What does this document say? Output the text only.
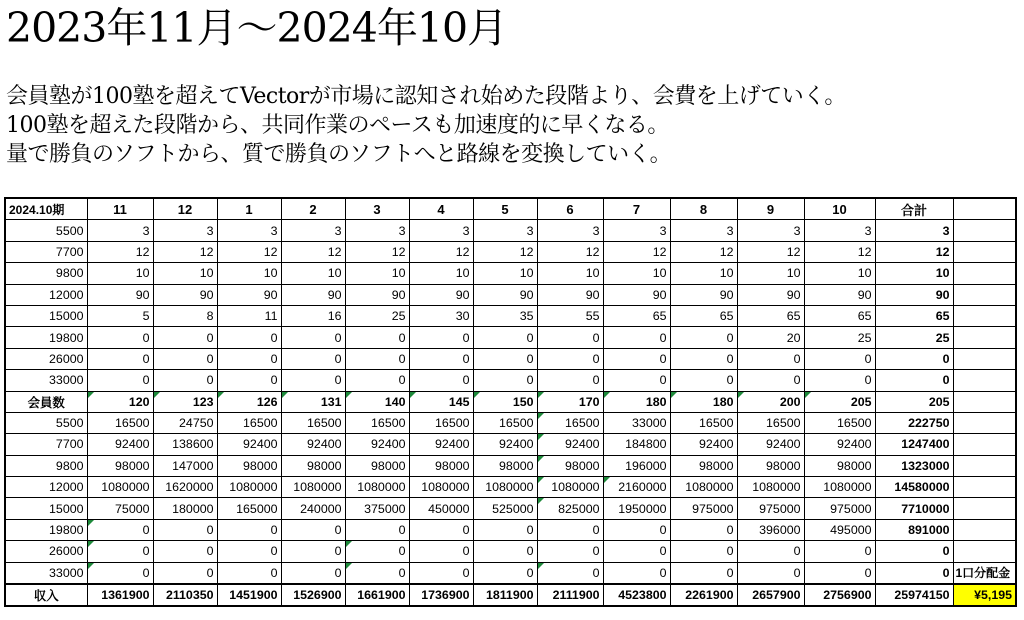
2023年11月～2024年10月
会員塾が100塾を超えてVectorが市場に認知され始めた段階より、会費を上げていく。
100塾を超えた段階から、共同作業のペースも加速度的に早くなる。
量で勝負のソフトから、質で勝負のソフトへと路線を変換していく。
2024.10期	11	12	1	2	3	4	5	6	7	8	9	10	合計	
5500	3	3	3	3	3	3	3	3	3	3	3	3	3	
7700	12	12	12	12	12	12	12	12	12	12	12	12	12	
9800	10	10	10	10	10	10	10	10	10	10	10	10	10	
12000	90	90	90	90	90	90	90	90	90	90	90	90	90	
15000	5	8	11	16	25	30	35	55	65	65	65	65	65	
19800	0	0	0	0	0	0	0	0	0	0	20	25	25	
26000	0	0	0	0	0	0	0	0	0	0	0	0	0	
33000	0	0	0	0	0	0	0	0	0	0	0	0	0	
会員数	120	123	126	131	140	145	150	170	180	180	200	205	205	
5500	16500	24750	16500	16500	16500	16500	16500	16500	33000	16500	16500	16500	222750	
7700	92400	138600	92400	92400	92400	92400	92400	92400	184800	92400	92400	92400	1247400	
9800	98000	147000	98000	98000	98000	98000	98000	98000	196000	98000	98000	98000	1323000	
12000	1080000	1620000	1080000	1080000	1080000	1080000	1080000	1080000	2160000	1080000	1080000	1080000	14580000	
15000	75000	180000	165000	240000	375000	450000	525000	825000	1950000	975000	975000	975000	7710000	
19800	0	0	0	0	0	0	0	0	0	0	396000	495000	891000	
26000	0	0	0	0	0	0	0	0	0	0	0	0	0	
33000	0	0	0	0	0	0	0	0	0	0	0	0	0	1口分配金
収入	1361900	2110350	1451900	1526900	1661900	1736900	1811900	2111900	4523800	2261900	2657900	2756900	25974150	¥5,195
